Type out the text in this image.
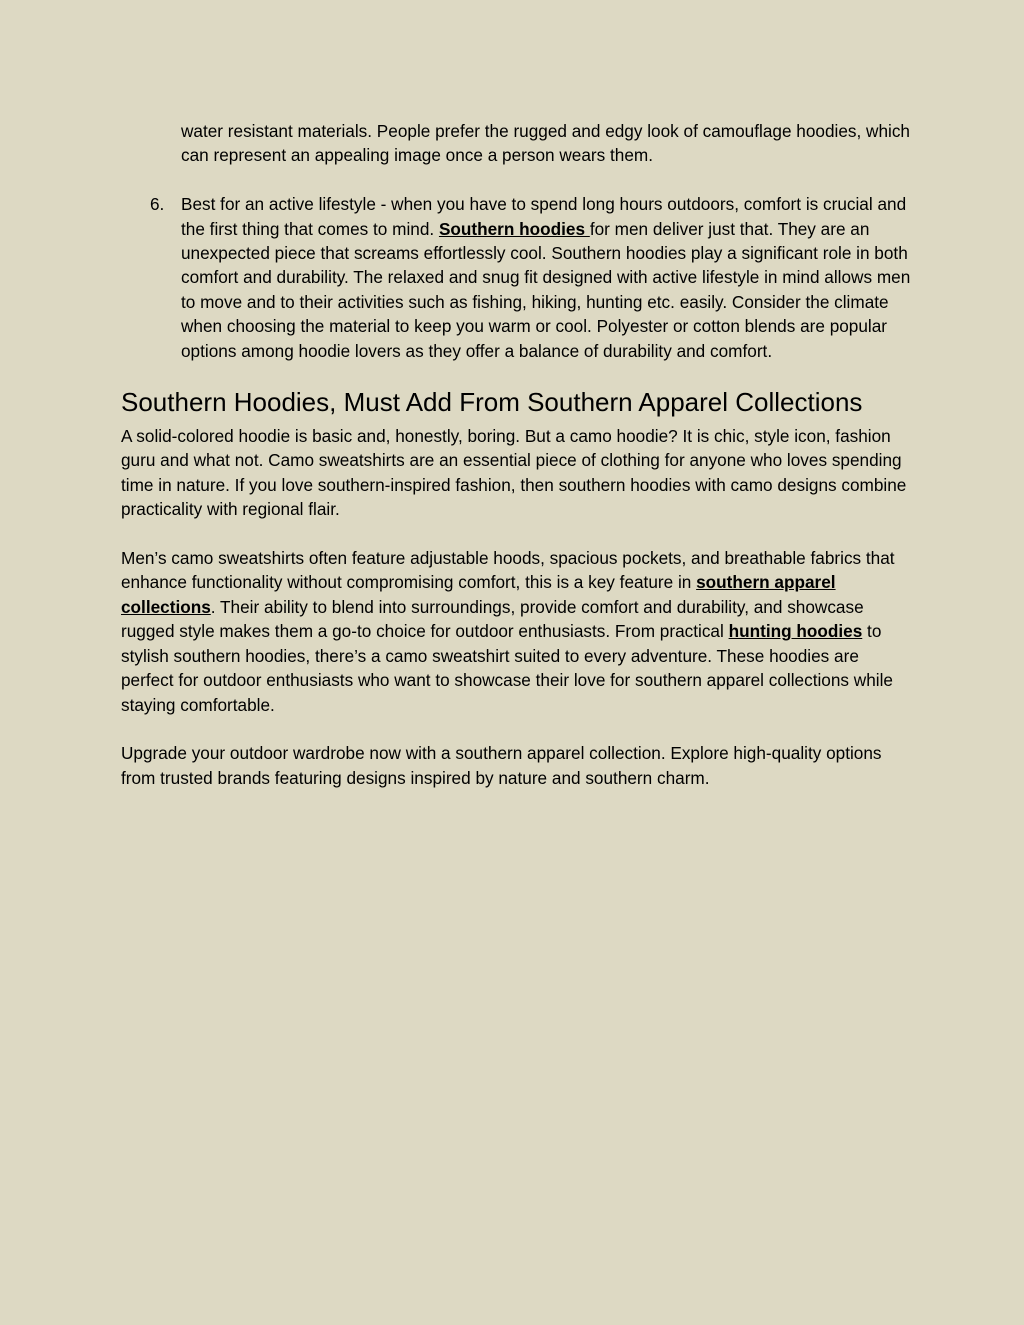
water resistant materials. People prefer the rugged and edgy look of camouflage hoodies, which can represent an appealing image once a person wears them.

6. Best for an active lifestyle - when you have to spend long hours outdoors, comfort is crucial and the first thing that comes to mind. Southern hoodies for men deliver just that. They are an unexpected piece that screams effortlessly cool. Southern hoodies play a significant role in both comfort and durability. The relaxed and snug fit designed with active lifestyle in mind allows men to move and to their activities such as fishing, hiking, hunting etc. easily. Consider the climate when choosing the material to keep you warm or cool. Polyester or cotton blends are popular options among hoodie lovers as they offer a balance of durability and comfort.

Southern Hoodies, Must Add From Southern Apparel Collections

A solid-colored hoodie is basic and, honestly, boring. But a camo hoodie? It is chic, style icon, fashion guru and what not. Camo sweatshirts are an essential piece of clothing for anyone who loves spending time in nature. If you love southern-inspired fashion, then southern hoodies with camo designs combine practicality with regional flair.

Men’s camo sweatshirts often feature adjustable hoods, spacious pockets, and breathable fabrics that enhance functionality without compromising comfort, this is a key feature in southern apparel collections. Their ability to blend into surroundings, provide comfort and durability, and showcase rugged style makes them a go-to choice for outdoor enthusiasts. From practical hunting hoodies to stylish southern hoodies, there’s a camo sweatshirt suited to every adventure. These hoodies are perfect for outdoor enthusiasts who want to showcase their love for southern apparel collections while staying comfortable.

Upgrade your outdoor wardrobe now with a southern apparel collection. Explore high-quality options from trusted brands featuring designs inspired by nature and southern charm.
